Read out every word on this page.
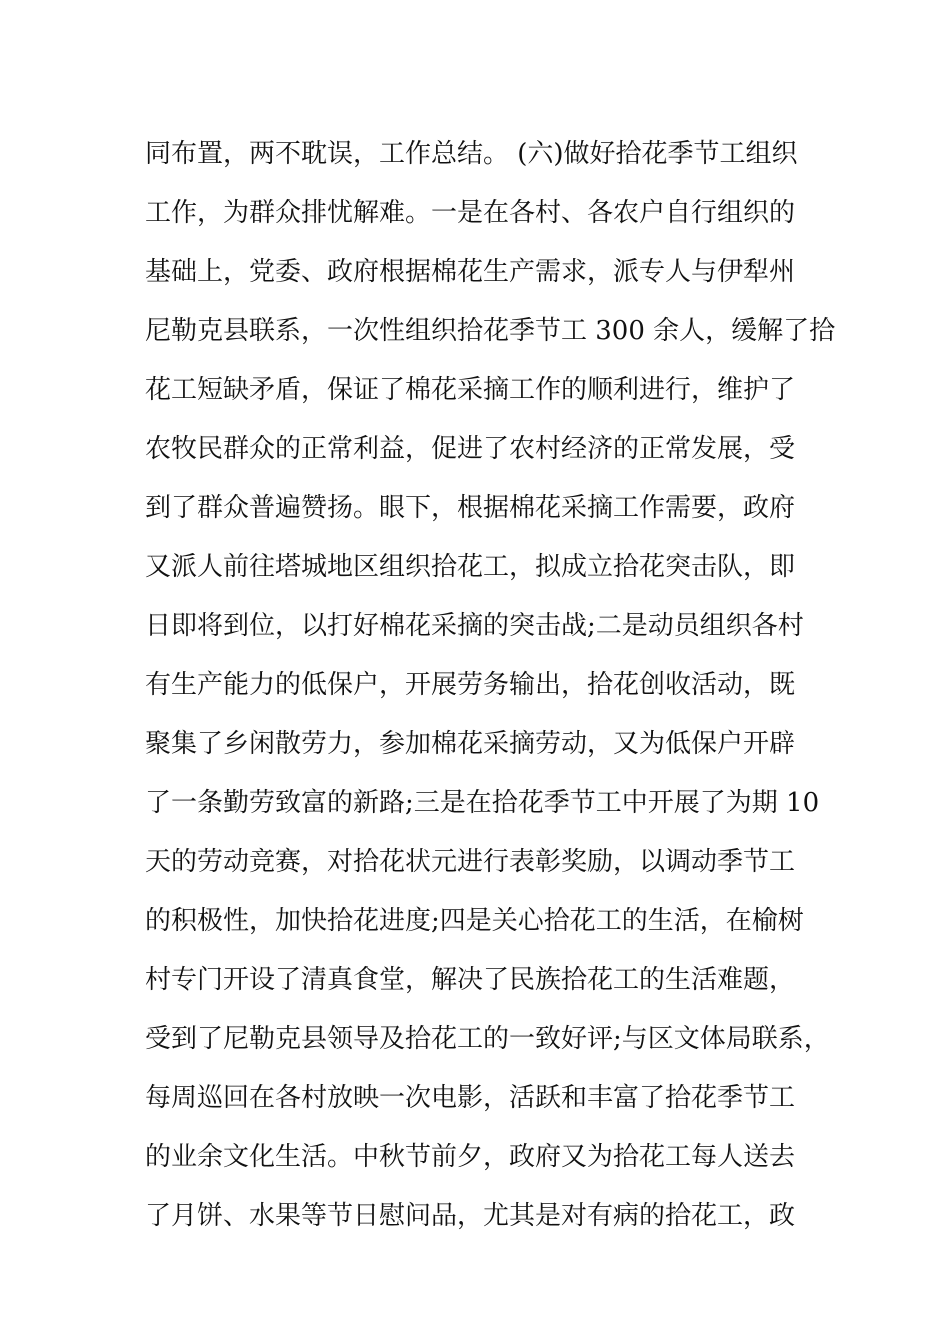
同布置，两不耽误，工作总结。 (六)做好拾花季节工组织
工作，为群众排忧解难。一是在各村、各农户自行组织的
基础上，党委、政府根据棉花生产需求，派专人与伊犁州
尼勒克县联系，一次性组织拾花季节工 300 余人，缓解了拾
花工短缺矛盾，保证了棉花采摘工作的顺利进行，维护了
农牧民群众的正常利益，促进了农村经济的正常发展，受
到了群众普遍赞扬。眼下，根据棉花采摘工作需要，政府
又派人前往塔城地区组织拾花工，拟成立拾花突击队，即
日即将到位，以打好棉花采摘的突击战;二是动员组织各村
有生产能力的低保户，开展劳务输出，拾花创收活动，既
聚集了乡闲散劳力，参加棉花采摘劳动，又为低保户开辟
了一条勤劳致富的新路;三是在拾花季节工中开展了为期 10
天的劳动竞赛，对拾花状元进行表彰奖励，以调动季节工
的积极性，加快拾花进度;四是关心拾花工的生活，在榆树
村专门开设了清真食堂，解决了民族拾花工的生活难题，
受到了尼勒克县领导及拾花工的一致好评;与区文体局联系，
每周巡回在各村放映一次电影，活跃和丰富了拾花季节工
的业余文化生活。中秋节前夕，政府又为拾花工每人送去
了月饼、水果等节日慰问品，尤其是对有病的拾花工，政
